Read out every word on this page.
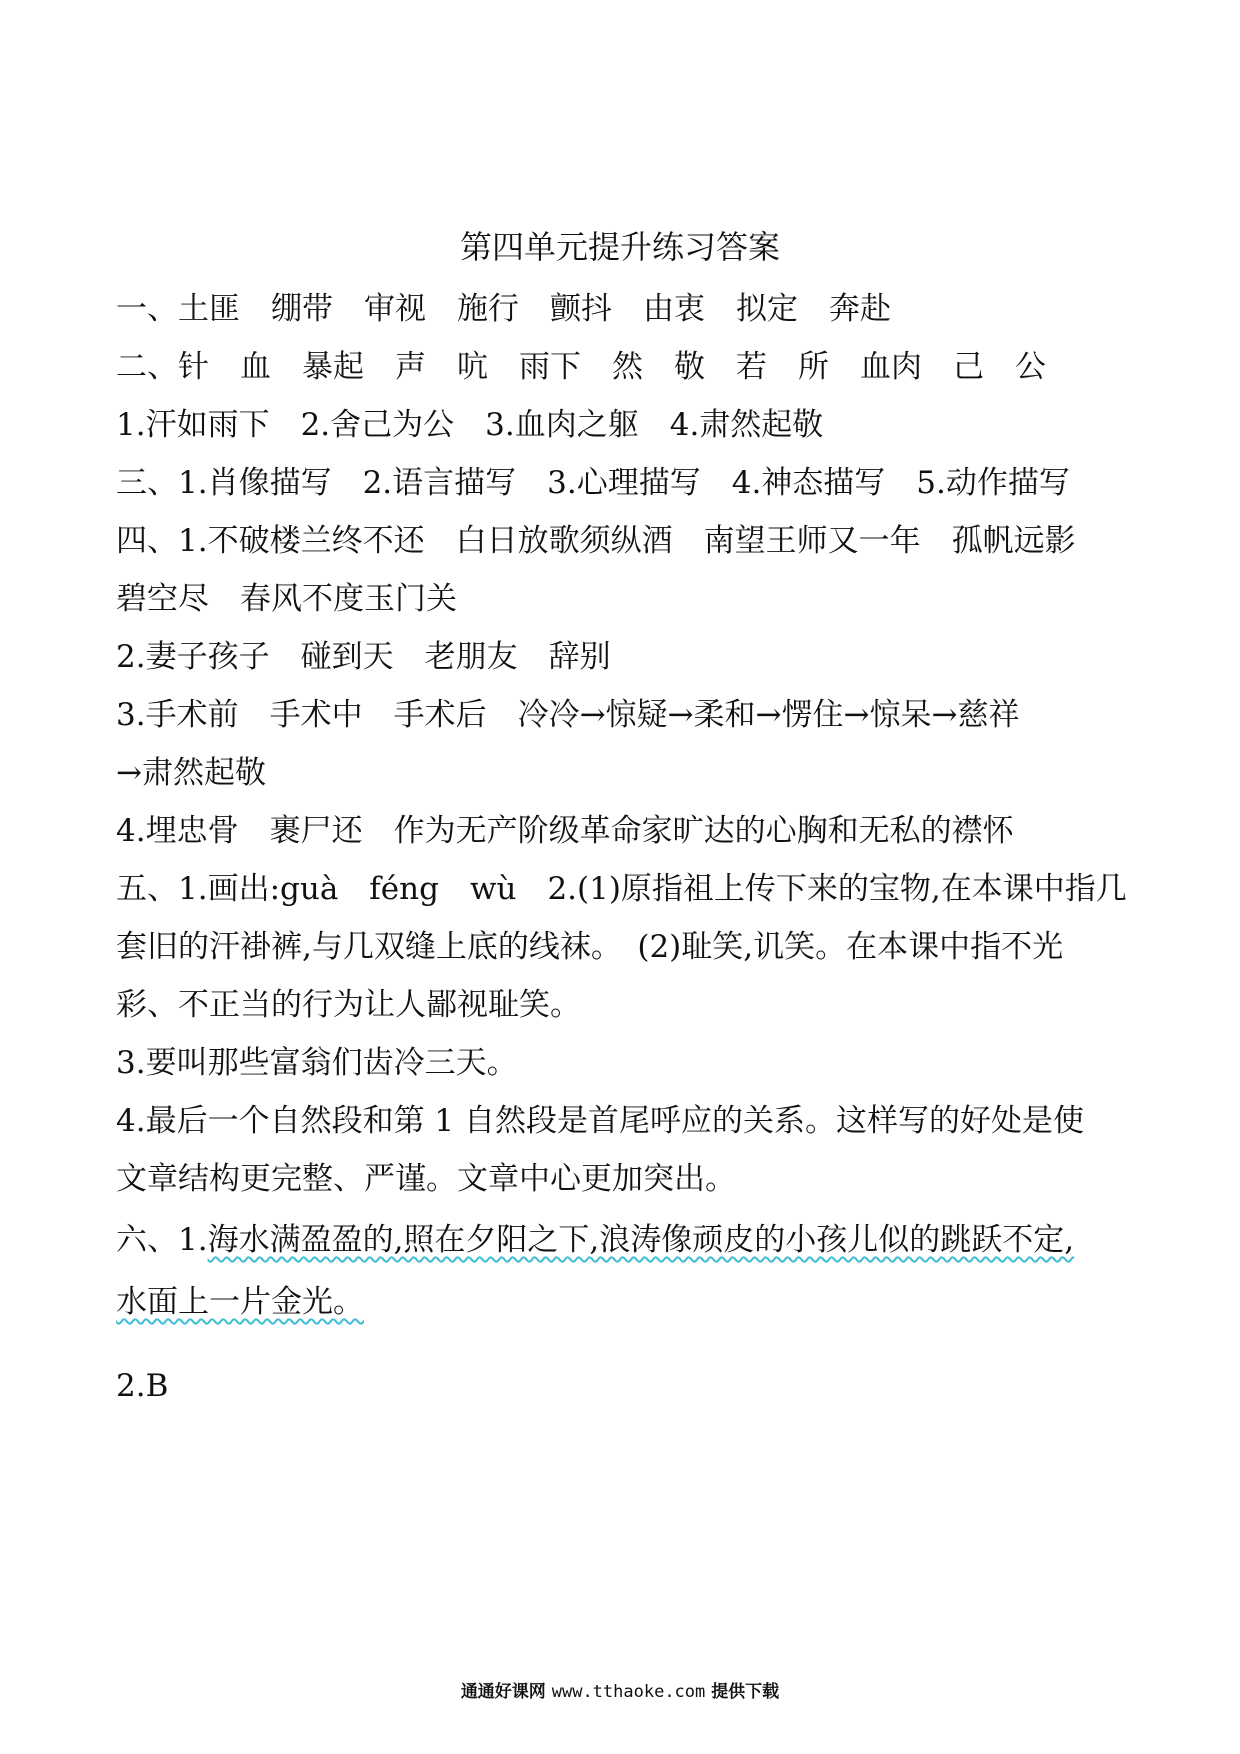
第四单元提升练习答案
一、土匪　绷带　审视　施行　颤抖　由衷　拟定　奔赴
二、针　血　暴起　声　吭　雨下　然　敬　若　所　血肉　己　公
1.汗如雨下　2.舍己为公　3.血肉之躯　4.肃然起敬
三、1.肖像描写　2.语言描写　3.心理描写　4.神态描写　5.动作描写
四、1.不破楼兰终不还　白日放歌须纵酒　南望王师又一年　孤帆远影
碧空尽　春风不度玉门关
2.妻子孩子　碰到天　老朋友　辞别
3.手术前　手术中　手术后　冷冷→惊疑→柔和→愣住→惊呆→慈祥
→肃然起敬
4.埋忠骨　裹尸还　作为无产阶级革命家旷达的心胸和无私的襟怀
五、1.画出:guà　féng　wù　2.(1)原指祖上传下来的宝物,在本课中指几
套旧的汗褂裤,与几双缝上底的线袜。　(2)耻笑,讥笑。在本课中指不光
彩、不正当的行为让人鄙视耻笑。
3.要叫那些富翁们齿冷三天。
4.最后一个自然段和第 1 自然段是首尾呼应的关系。这样写的好处是使
文章结构更完整、严谨。文章中心更加突出。
六、1.海水满盈盈的,照在夕阳之下,浪涛像顽皮的小孩儿似的跳跃不定,
水面上一片金光。
2.B
通通好课网 www.tthaoke.com 提供下载
